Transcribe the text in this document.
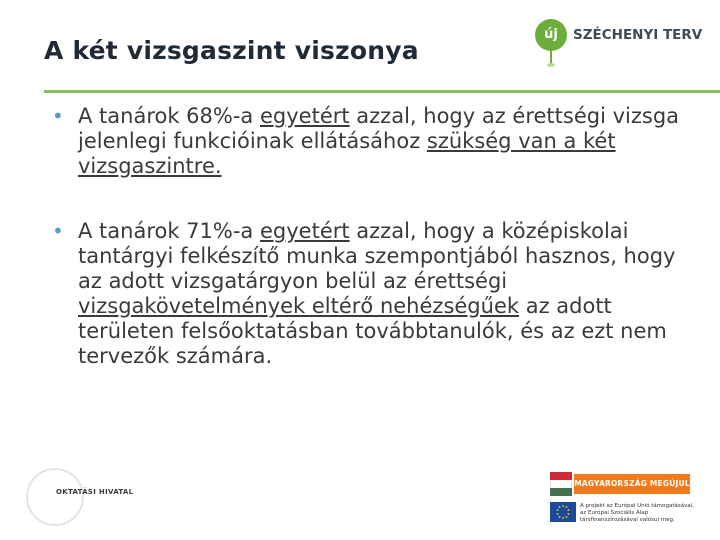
A két vizsgaszint viszonya
új	SZÉCHENYI TERV
• A tanárok 68%-a egyetért azzal, hogy az érettségi vizsga jelenlegi funkcióinak ellátásához szükség van a két vizsgaszintre.
• A tanárok 71%-a egyetért azzal, hogy a középiskolai tantárgyi felkészítő munka szempontjából hasznos, hogy az adott vizsgatárgyon belül az érettségi vizsgakövetelmények eltérő nehézségűek az adott területen felsőoktatásban továbbtanulók, és az ezt nem tervezők számára.
OKTATÁSI HIVATAL
MAGYARORSZÁG MEGÚJUL
A projekt az Európai Unió támogatásával,
az Európai Szociális Alap
társfinanszírozásával valósul meg.
